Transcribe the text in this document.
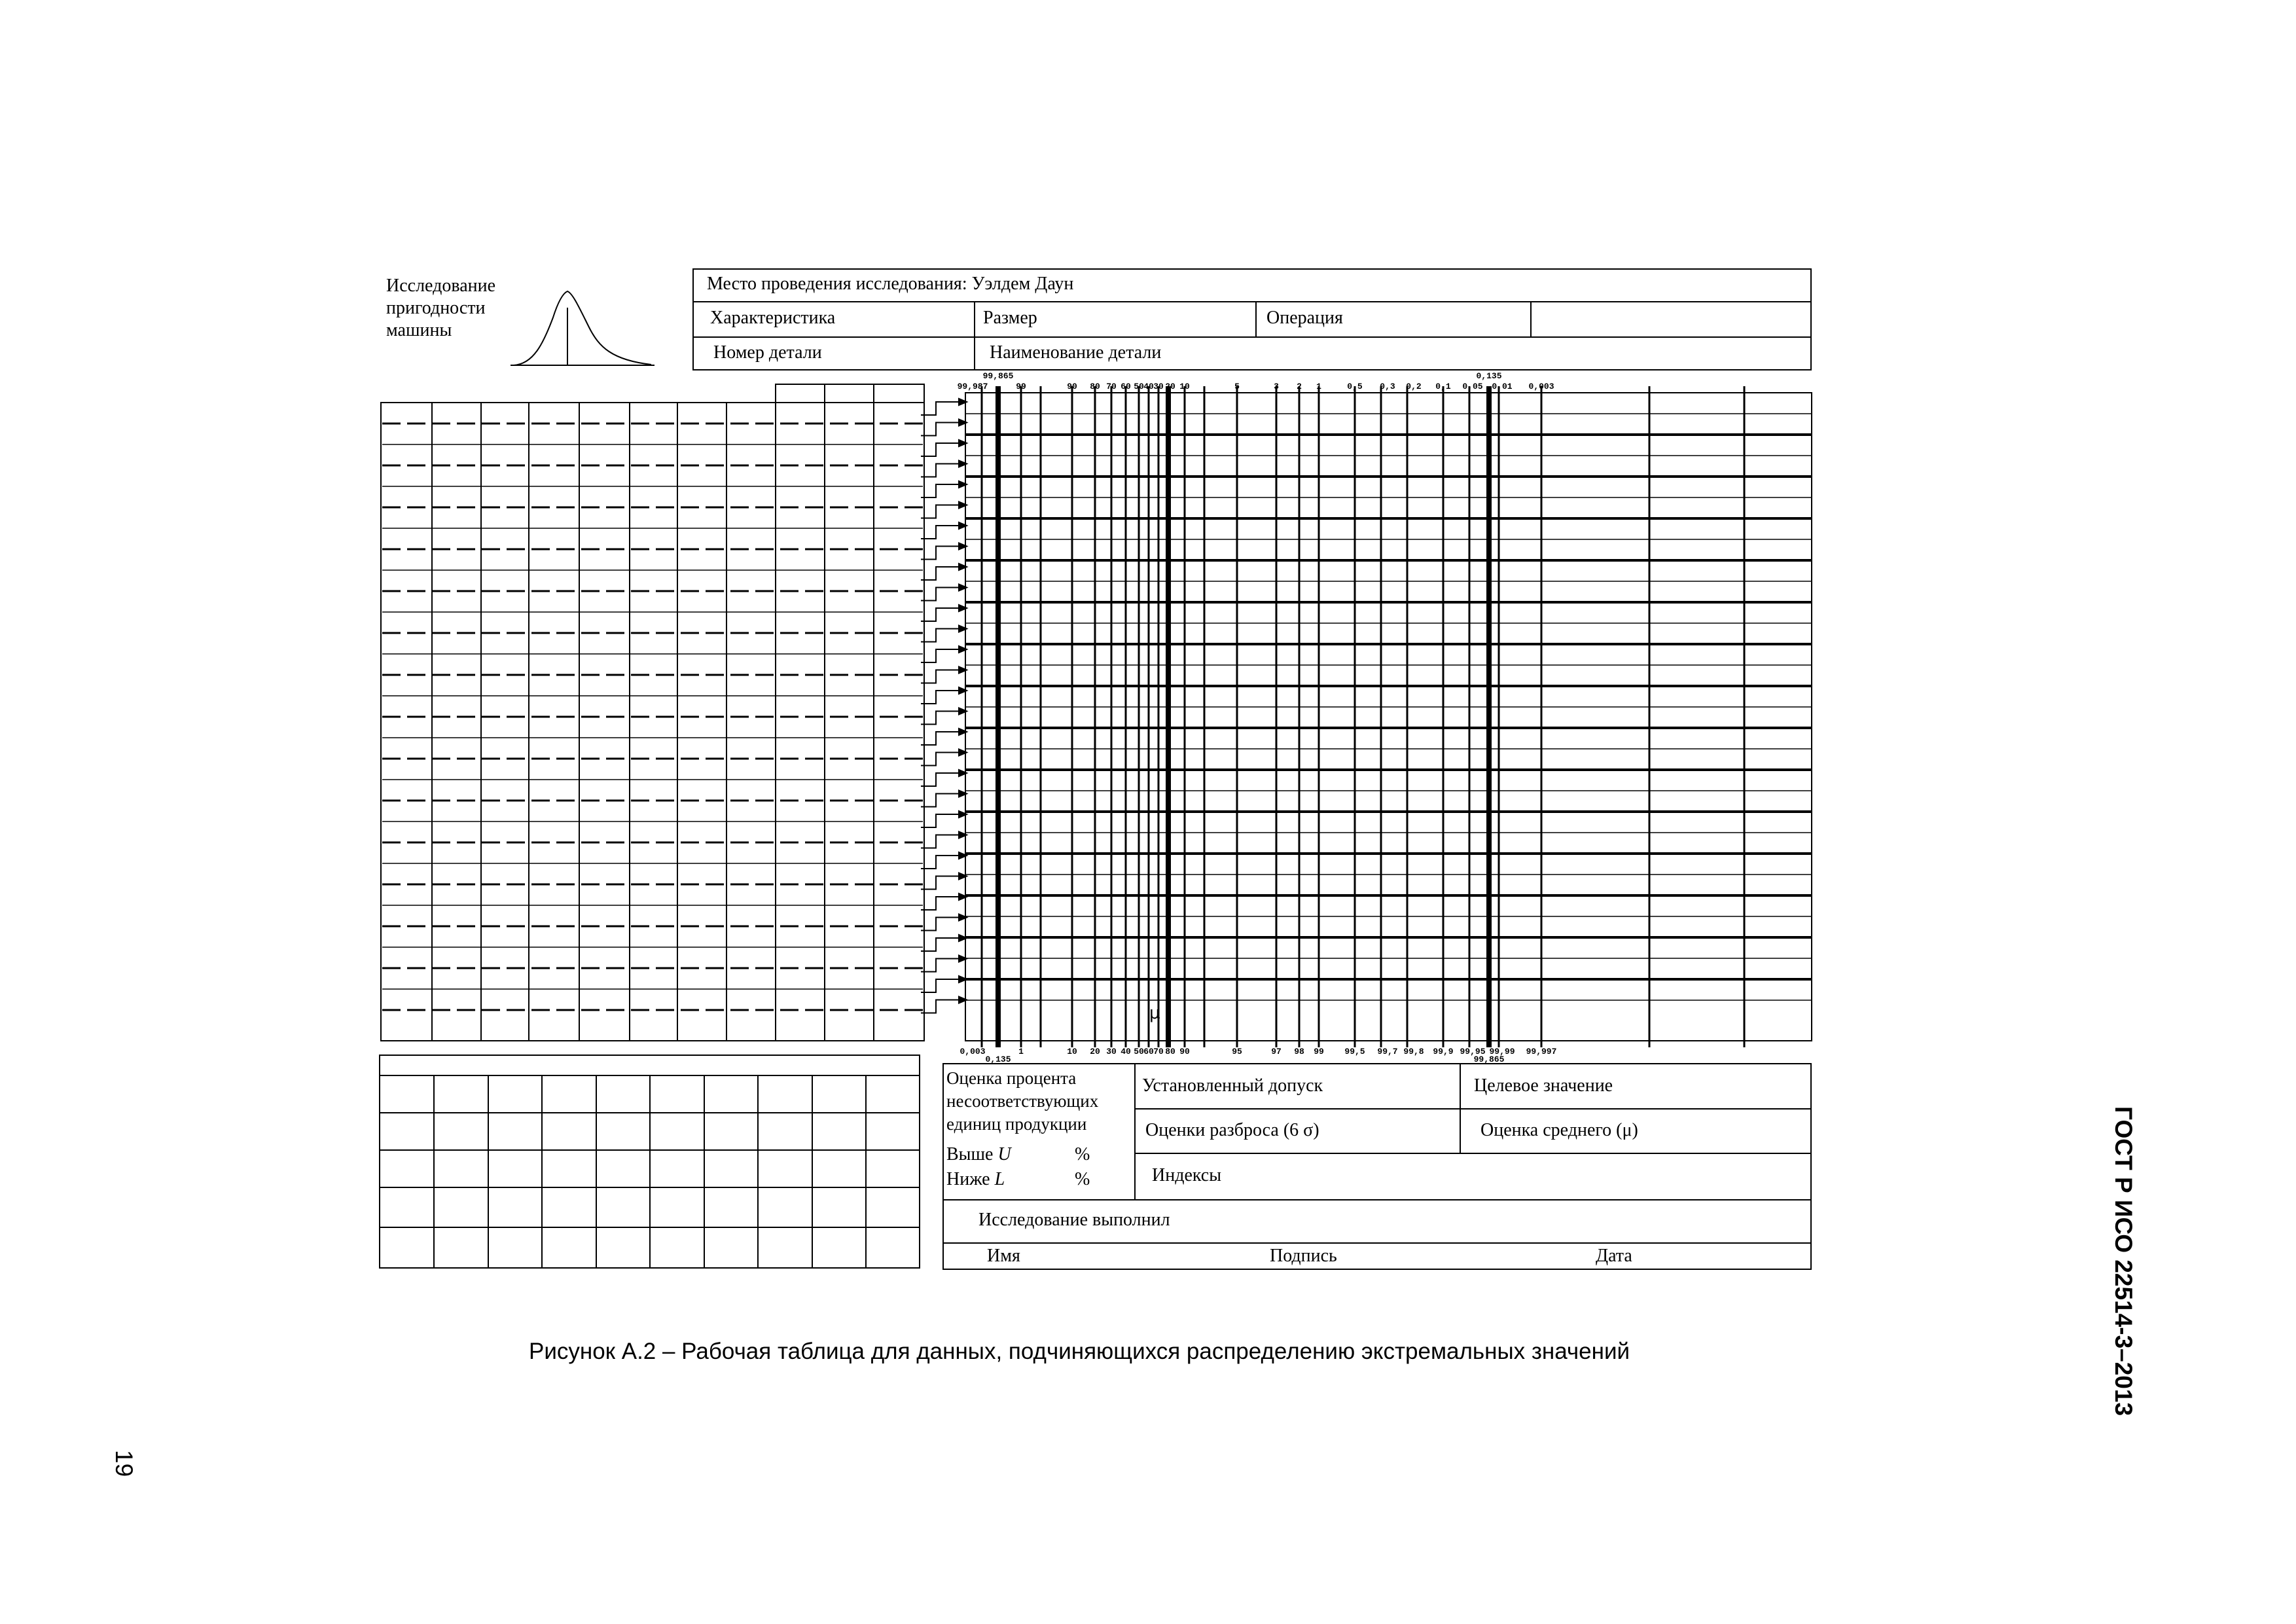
Исследование
пригодности
машины
Место проведения исследования: Уэлдем Даун
Характеристика	Размер	Операция
Номер детали	Наименование детали
99,987	99	90 80 70 60 50 40 30 20 10	5	3 2 1	0,5 0,3 0,2 0,1 0,05 0,01 0,003
99,865	0,135
0,003	1	10 20 30 40 50 60 70 80 90	95	97 98 99 99,5 99,7 99,8 99,9 99,95 99,99 99,997
0,135	99,865
μ
Оценка процента
несоответствующих
единиц продукции
Выше U	%
Ниже L	%
Установленный допуск	Целевое значение
Оценки разброса (6 σ)	Оценка среднего (μ)
Индексы
Исследование выполнил
Имя	Подпись	Дата
Рисунок А.2 – Рабочая таблица для данных, подчиняющихся распределению экстремальных значений	ГОСТ Р ИСО 22514-3–2013
19
